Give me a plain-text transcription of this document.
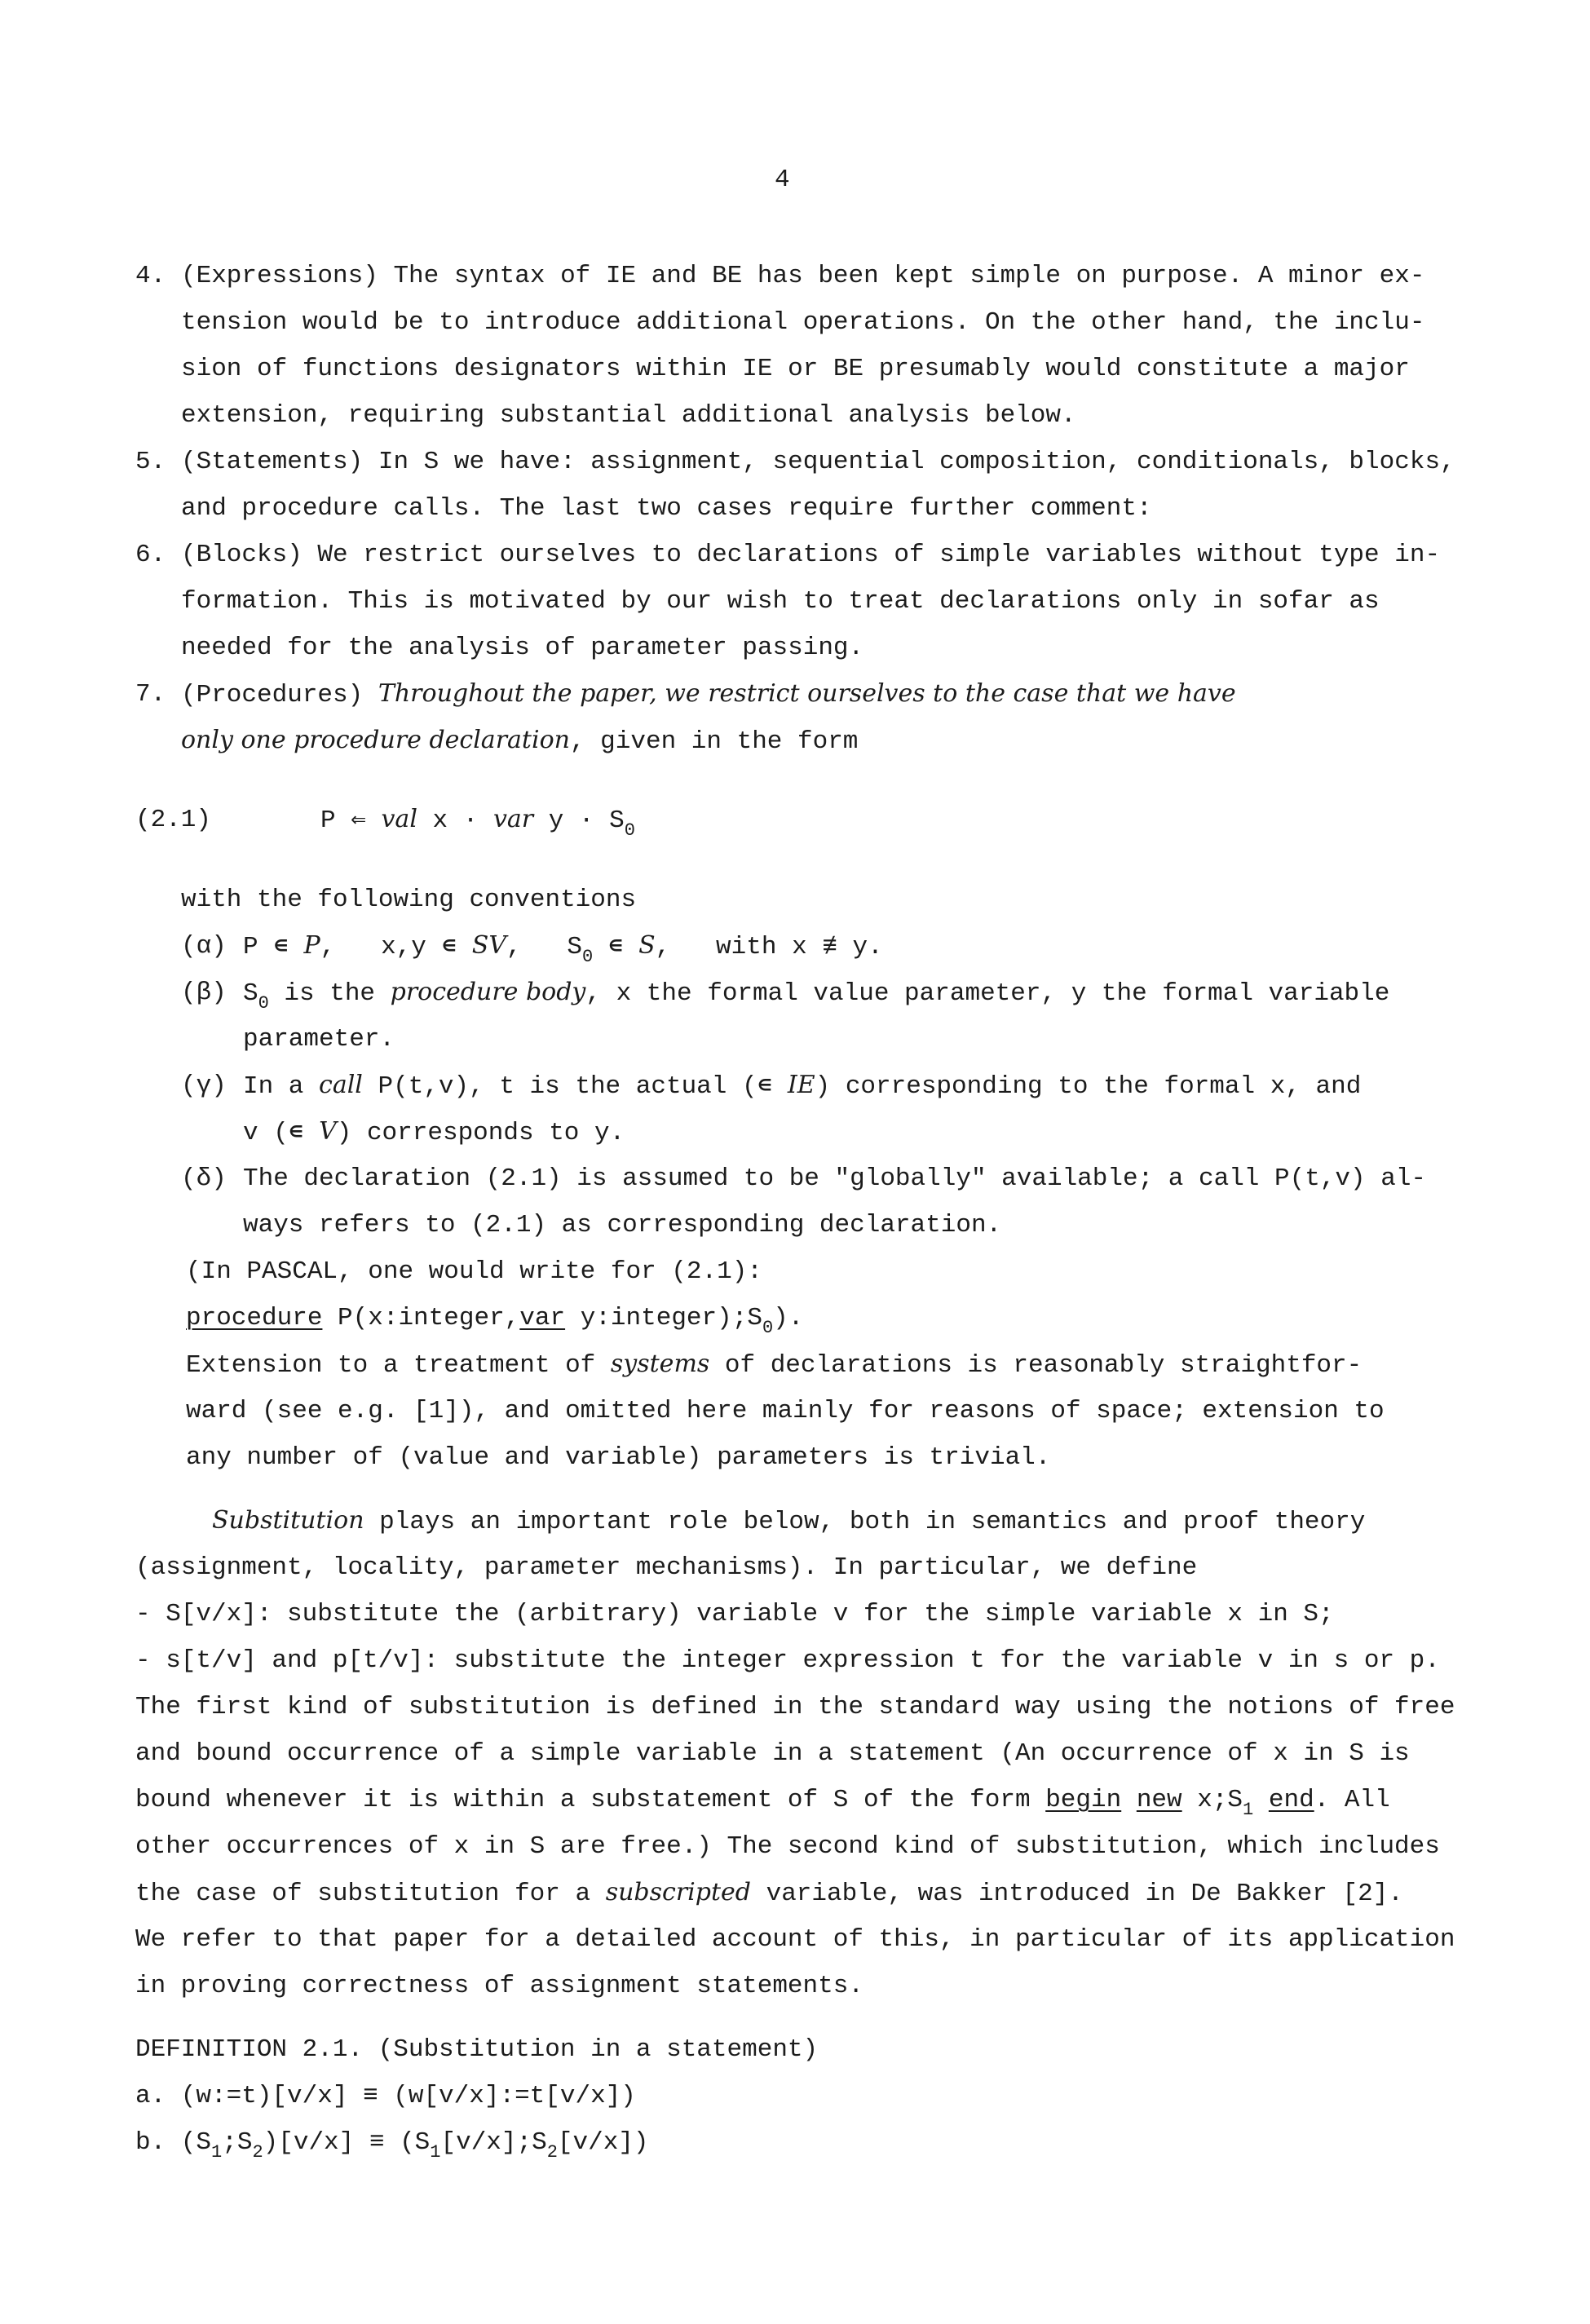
4
4. (Expressions) The syntax of IE and BE has been kept simple on purpose. A minor ex-
tension would be to introduce additional operations. On the other hand, the inclu-
sion of functions designators within IE or BE presumably would constitute a major
extension, requiring substantial additional analysis below.
5. (Statements) In S we have: assignment, sequential composition, conditionals, blocks,
and procedure calls. The last two cases require further comment:
6. (Blocks) We restrict ourselves to declarations of simple variables without type in-
formation. This is motivated by our wish to treat declarations only in sofar as
needed for the analysis of parameter passing.
7. (Procedures) Throughout the paper, we restrict ourselves to the case that we have
only one procedure declaration, given in the form
(2.1)	P ⇐ val x · var $y \cdot S_0$
with the following conventions
(α) P ∊ P,   x,y ∊ SV,   $S_0$ ∊ S,   with x ≢ y.
(β) $S_0$ is the procedure body, x the formal value parameter, y the formal variable
parameter.
(γ) In a call P(t,v), t is the actual (∊ IE) corresponding to the formal x, and
v (∊ V) corresponds to y.
(δ) The declaration (2.1) is assumed to be "globally" available; a call P(t,v) al-
ways refers to (2.1) as corresponding declaration.
(In PASCAL, one would write for (2.1):
procedure P(x:integer,var $y:integer);S_0$).
Extension to a treatment of systems of declarations is reasonably straightfor-
ward (see e.g. [1]), and omitted here mainly for reasons of space; extension to
any number of (value and variable) parameters is trivial.
Substitution plays an important role below, both in semantics and proof theory
(assignment, locality, parameter mechanisms). In particular, we define
- S[v/x]: substitute the (arbitrary) variable v for the simple variable x in S;
- s[t/v] and p[t/v]: substitute the integer expression t for the variable v in s or p.
The first kind of substitution is defined in the standard way using the notions of free
and bound occurrence of a simple variable in a statement (An occurrence of x in S is
bound whenever it is within a substatement of S of the form begin new $x;S_1$ end. All
other occurrences of x in S are free.) The second kind of substitution, which includes
the case of substitution for a subscripted variable, was introduced in De Bakker [2].
We refer to that paper for a detailed account of this, in particular of its application
in proving correctness of assignment statements.
DEFINITION 2.1. (Substitution in a statement)
a. (w:=t)[v/x] ≡ (w[v/x]:=t[v/x])
b. $(S_1;S_2)[v/x]$ ≡ $(S_1[v/x];S_2[v/x])$
